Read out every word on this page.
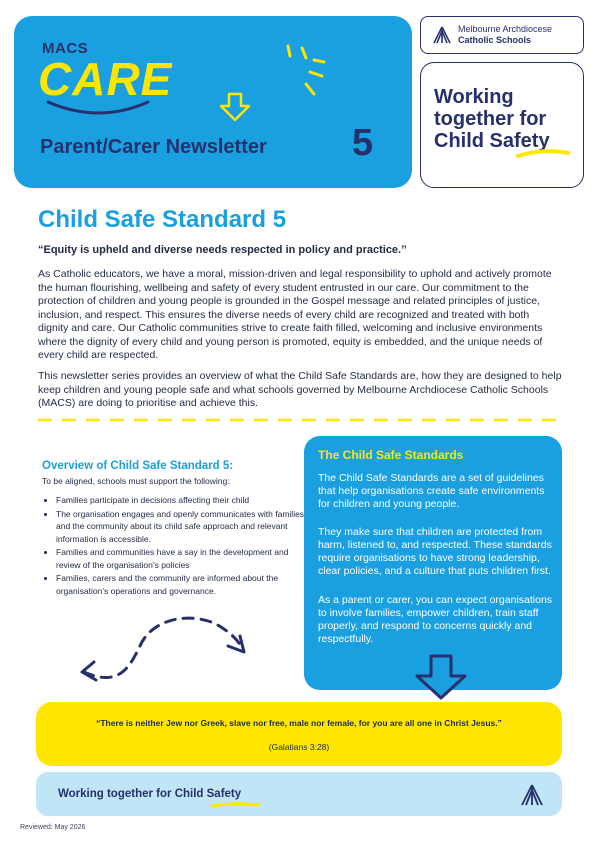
MACS
CARE
Parent/Carer Newsletter 5
Melbourne Archdiocese
Catholic Schools
Working
together for
Child Safety
Child Safe Standard 5
“Equity is upheld and diverse needs respected in policy and practice.’’
As Catholic educators, we have a moral, mission-driven and legal responsibility to uphold and actively promote the human flourishing, wellbeing and safety of every student entrusted in our care. Our commitment to the protection of children and young people is grounded in the Gospel message and related principles of justice, inclusion, and respect. This ensures the diverse needs of every child are recognized and treated with both dignity and care. Our Catholic communities strive to create faith filled, welcoming and inclusive environments where the dignity of every child and young person is promoted, equity is embedded, and the unique needs of every child are respected.
This newsletter series provides an overview of what the Child Safe Standards are, how they are designed to help keep children and young people safe and what schools governed by Melbourne Archdiocese Catholic Schools (MACS) are doing to prioritise and achieve this.
Overview of Child Safe Standard 5:
To be aligned, schools must support the following:
• Families participate in decisions affecting their child
• The organisation engages and openly communicates with families and the community about its child safe approach and relevant information is accessible.
• Families and communities have a say in the development and review of the organisation’s policies
• Families, carers and the community are informed about the organisation’s operations and governance.
The Child Safe Standards
The Child Safe Standards are a set of guidelines that help organisations create safe environments for children and young people.
They make sure that children are protected from harm, listened to, and respected. These standards require organisations to have strong leadership, clear policies, and a culture that puts children first.
As a parent or carer, you can expect organisations to involve families, empower children, train staff properly, and respond to concerns quickly and respectfully.
“There is neither Jew nor Greek, slave nor free, male nor female, for you are all one in Christ Jesus.”
(Galatians 3:28)
Working together for Child Safety
Reviewed: May 2026
